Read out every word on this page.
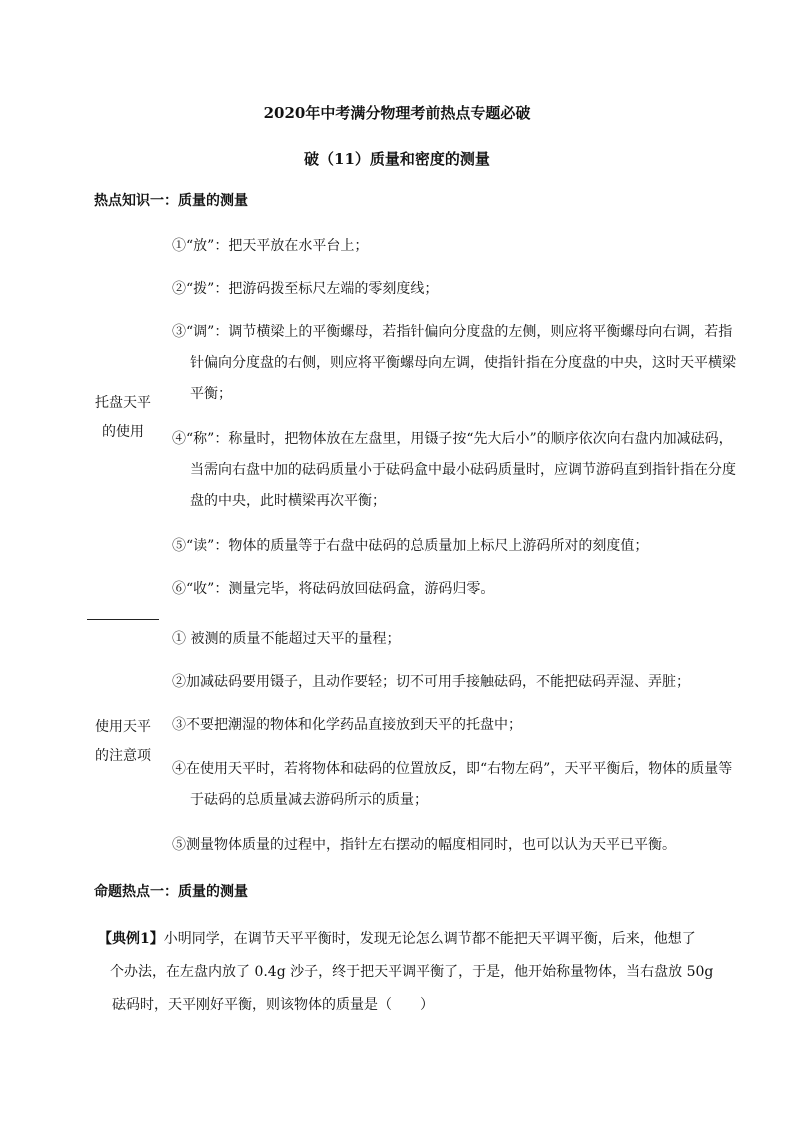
2020年中考满分物理考前热点专题必破
破（11）质量和密度的测量
热点知识一：质量的测量
托盘天平
的使用
①“放”：把天平放在水平台上；
②“拨”：把游码拨至标尺左端的零刻度线；
③“调”：调节横梁上的平衡螺母，若指针偏向分度盘的左侧，则应将平衡螺母向右调，若指针偏向分度盘的右侧，则应将平衡螺母向左调，使指针指在分度盘的中央，这时天平横梁平衡；
④“称”：称量时，把物体放在左盘里，用镊子按“先大后小”的顺序依次向右盘内加减砝码，当需向右盘中加的砝码质量小于砝码盒中最小砝码质量时，应调节游码直到指针指在分度盘的中央，此时横梁再次平衡；
⑤“读”：物体的质量等于右盘中砝码的总质量加上标尺上游码所对的刻度值；
⑥“收”：测量完毕，将砝码放回砝码盒，游码归零。
使用天平
的注意项
① 被测的质量不能超过天平的量程；
②加减砝码要用镊子，且动作要轻；切不可用手接触砝码，不能把砝码弄湿、弄脏；
③不要把潮湿的物体和化学药品直接放到天平的托盘中；
④在使用天平时，若将物体和砝码的位置放反，即“右物左码”，天平平衡后，物体的质量等于砝码的总质量减去游码所示的质量；
⑤测量物体质量的过程中，指针左右摆动的幅度相同时，也可以认为天平已平衡。
命题热点一：质量的测量
【典例1】小明同学，在调节天平平衡时，发现无论怎么调节都不能把天平调平衡，后来，他想了
个办法，在左盘内放了 0.4g 沙子，终于把天平调平衡了，于是，他开始称量物体，当右盘放 50g
砝码时，天平刚好平衡，则该物体的质量是（　　）
